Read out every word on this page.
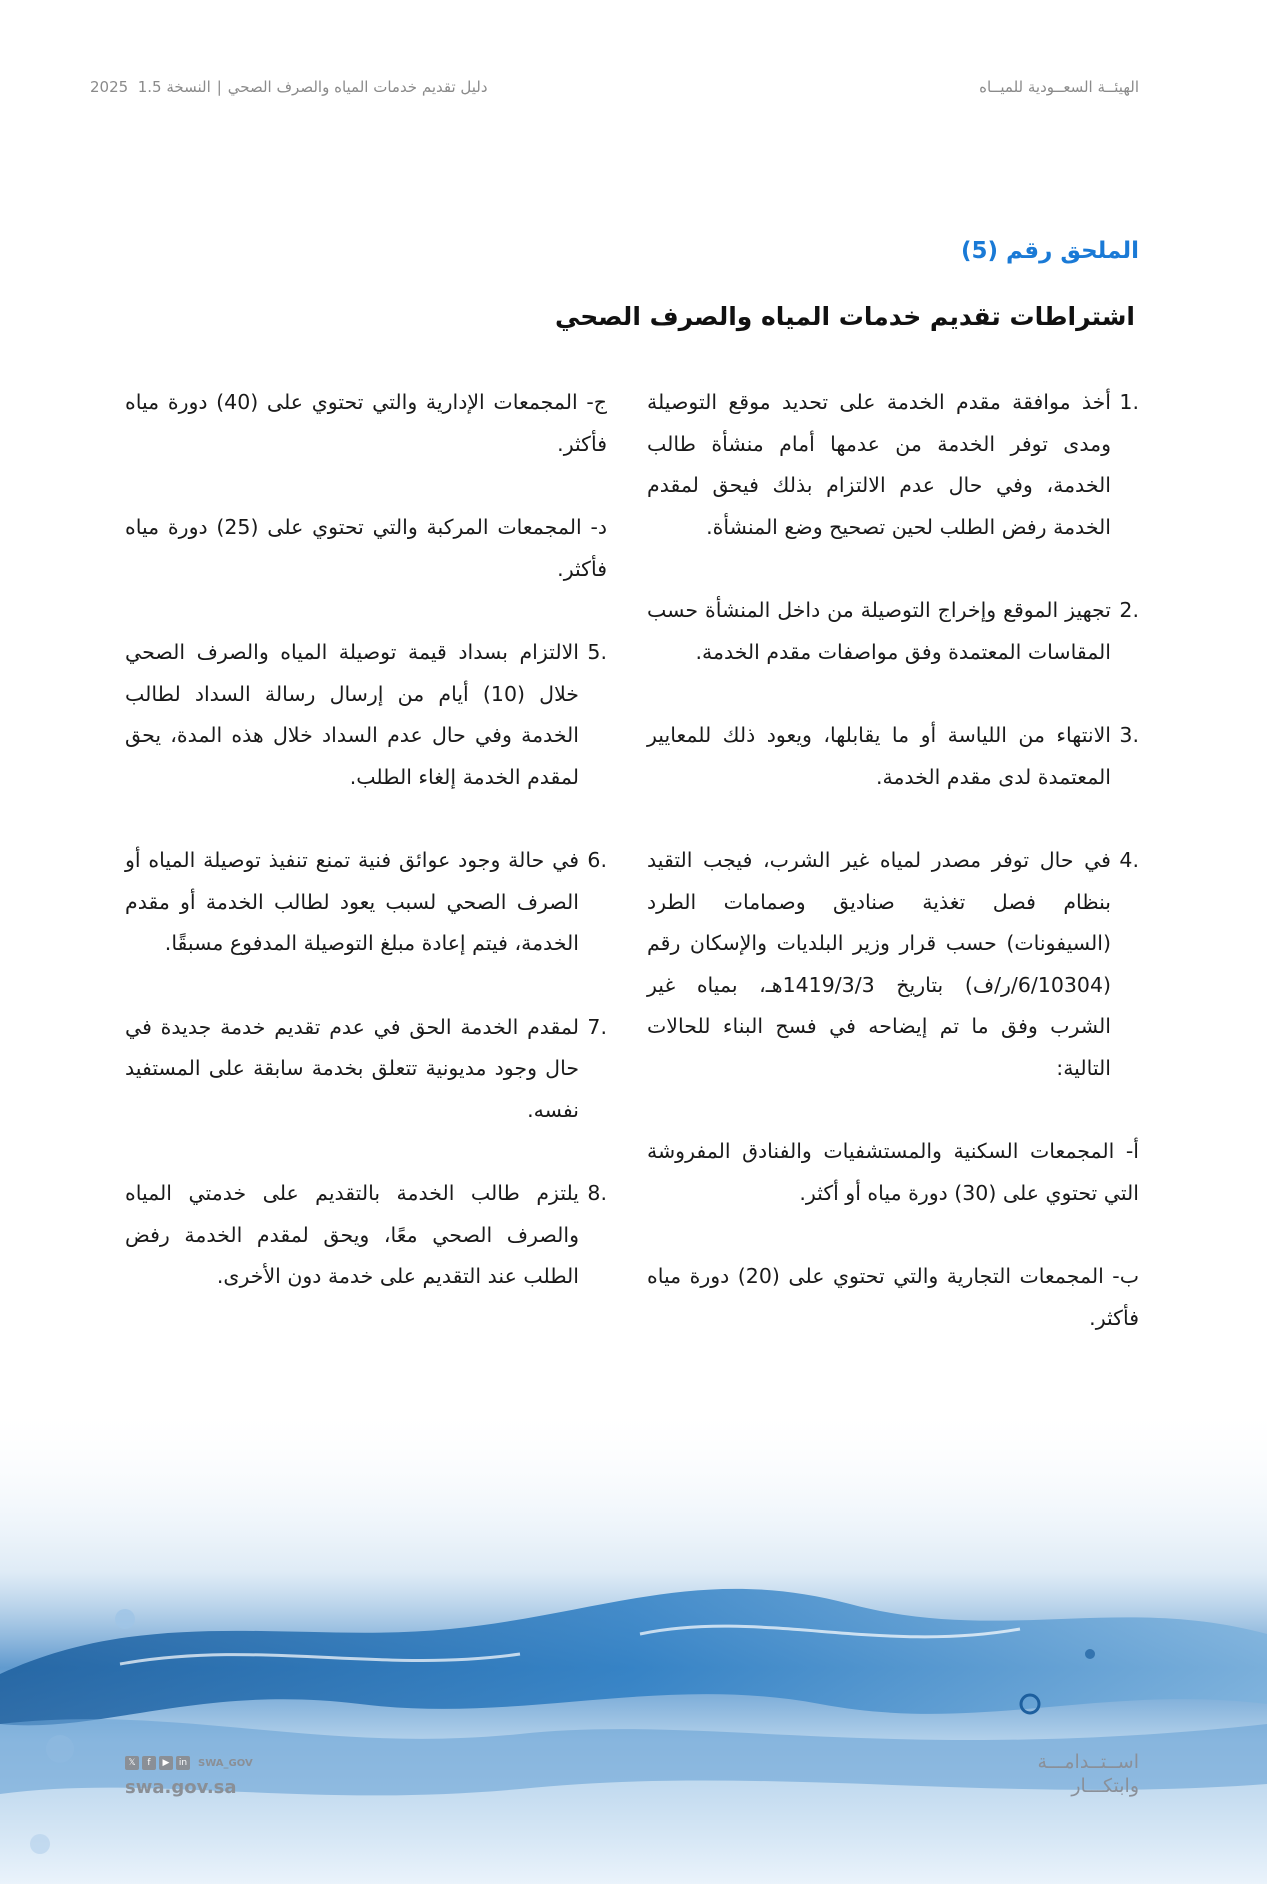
الهيئــة السعــودية للميــاه
دليل تقديم خدمات المياه والصرف الصحي|النسخة 1.5  2025
الملحق رقم (5)
اشتراطات تقديم خدمات المياه والصرف الصحي
.1
أخذ موافقة مقدم الخدمة على تحديد موقع التوصيلة ومدى توفر الخدمة من عدمها أمام منشأة طالب الخدمة، وفي حال عدم الالتزام بذلك فيحق لمقدم الخدمة رفض الطلب لحين تصحيح وضع المنشأة.
.2
تجهيز الموقع وإخراج التوصيلة من داخل المنشأة حسب المقاسات المعتمدة وفق مواصفات مقدم الخدمة.
.3
الانتهاء من اللياسة أو ما يقابلها، ويعود ذلك للمعايير المعتمدة لدى مقدم الخدمة.
.4
في حال توفر مصدر لمياه غير الشرب، فيجب التقيد بنظام فصل تغذية صناديق وصمامات الطرد (السيفونات) حسب قرار وزير البلديات والإسكان رقم (6/10304/ر/ف) بتاريخ 1419/3/3هـ، بمياه غير الشرب وفق ما تم إيضاحه في فسح البناء للحالات التالية:
أ- المجمعات السكنية والمستشفيات والفنادق المفروشة التي تحتوي على (30) دورة مياه أو أكثر.
ب- المجمعات التجارية والتي تحتوي على (20) دورة مياه فأكثر.
ج- المجمعات الإدارية والتي تحتوي على (40) دورة مياه فأكثر.
د- المجمعات المركبة والتي تحتوي على (25) دورة مياه فأكثر.
.5
الالتزام بسداد قيمة توصيلة المياه والصرف الصحي خلال (10) أيام من إرسال رسالة السداد لطالب الخدمة وفي حال عدم السداد خلال هذه المدة، يحق لمقدم الخدمة إلغاء الطلب.
.6
في حالة وجود عوائق فنية تمنع تنفيذ توصيلة المياه أو الصرف الصحي لسبب يعود لطالب الخدمة أو مقدم الخدمة، فيتم إعادة مبلغ التوصيلة المدفوع مسبقًا.
.7
لمقدم الخدمة الحق في عدم تقديم خدمة جديدة في حال وجود مديونية تتعلق بخدمة سابقة على المستفيد نفسه.
.8
يلتزم طالب الخدمة بالتقديم على خدمتي المياه والصرف الصحي معًا، ويحق لمقدم الخدمة رفض الطلب عند التقديم على خدمة دون الأخرى.
اســتــدامـــة
وابتكـــار
𝕏	f	▶	in SWA_GOV
swa.gov.sa
